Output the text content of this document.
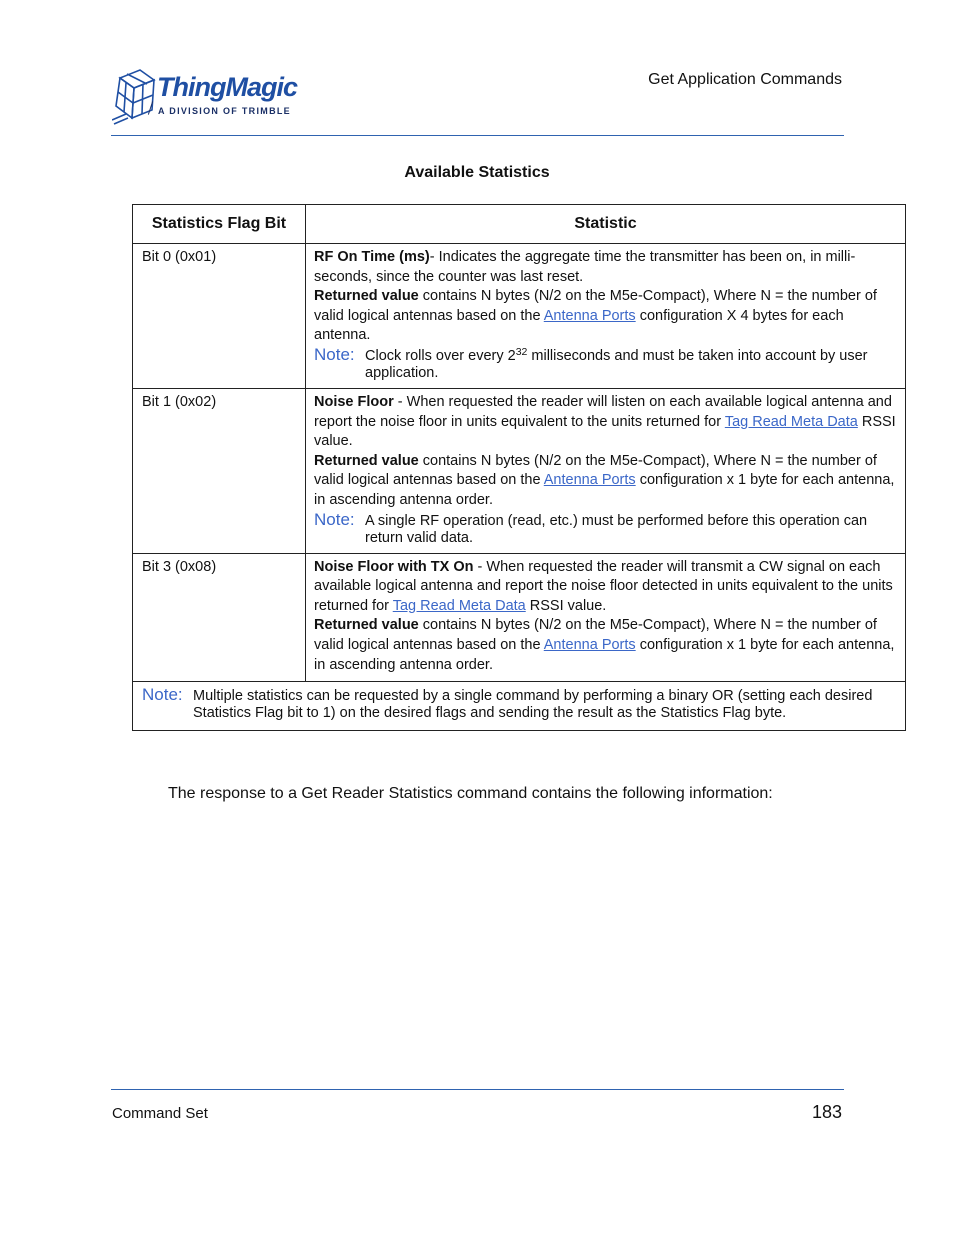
ThingMagic
A DIVISION OF TRIMBLE
Get Application Commands
Available Statistics
Statistics Flag Bit	Statistic
Bit 0 (0x01)	RF On Time (ms)- Indicates the aggregate time the transmitter has been on, in milli-seconds, since the counter was last reset.
Returned value contains N bytes (N/2 on the M5e-Compact), Where N = the number of valid logical antennas based on the Antenna Ports configuration X 4 bytes for each antenna.
Note: Clock rolls over every $2^{32}$ milliseconds and must be taken into account by user application.

Bit 1 (0x02)	Noise Floor - When requested the reader will listen on each available logical antenna and report the noise floor in units equivalent to the units returned for Tag Read Meta Data RSSI value.
Returned value contains N bytes (N/2 on the M5e-Compact), Where N = the number of valid logical antennas based on the Antenna Ports configuration x 1 byte for each antenna, in ascending antenna order.
Note: A single RF operation (read, etc.) must be performed before this operation can return valid data.

Bit 3 (0x08)	Noise Floor with TX On - When requested the reader will transmit a CW signal on each available logical antenna and report the noise floor detected in units equivalent to the units returned for Tag Read Meta Data RSSI value.
Returned value contains N bytes (N/2 on the M5e-Compact), Where N = the number of valid logical antennas based on the Antenna Ports configuration x 1 byte for each antenna, in ascending antenna order.

Note: Multiple statistics can be requested by a single command by performing a binary OR (setting each desired Statistics Flag bit to 1) on the desired flags and sending the result as the Statistics Flag byte.	
The response to a Get Reader Statistics command contains the following information:
Command Set	183
